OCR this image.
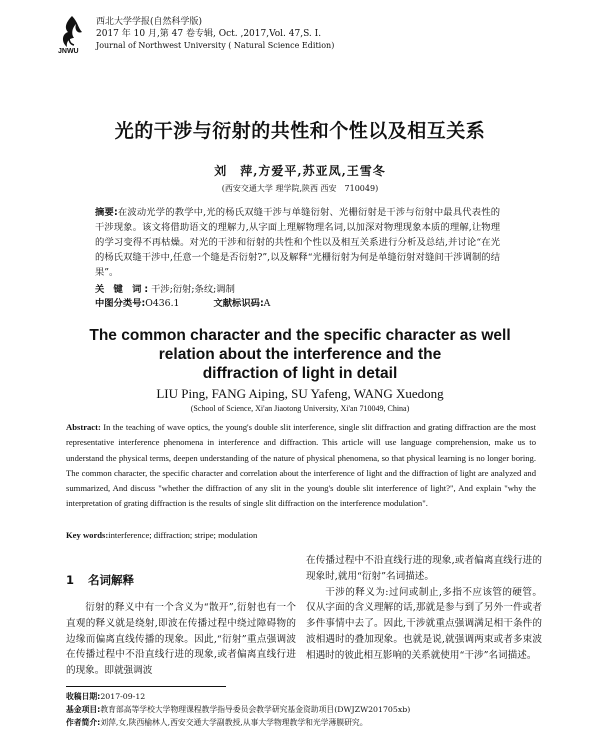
JNWU
西北大学学报(自然科学版)
2017 年 10 月,第 47 卷专辑, Oct. ,2017,Vol. 47,S. I.
Journal of Northwest University ( Natural Science Edition)
光的干涉与衍射的共性和个性以及相互关系
刘　萍,方爱平,苏亚凤,王雪冬
(西安交通大学 理学院,陕西 西安　710049)
摘要:在波动光学的教学中,光的杨氏双缝干涉与单缝衍射、光栅衍射是干涉与衍射中最具代表性的干涉现象。该文将借助语文的理解力,从字面上理解物理名词,以加深对物理现象本质的理解,让物理的学习变得不再枯燥。对光的干涉和衍射的共性和个性以及相互关系进行分析及总结,并讨论“在光的杨氏双缝干涉中,任意一个缝是否衍射?”,以及解释“光栅衍射为何是单缝衍射对缝间干涉调制的结果”。
关 键 词:干涉;衍射;条纹;调制
中图分类号:O436.1	文献标识码:A
The common character and the specific character as well
relation about the interference and the
diffraction of light in detail
LIU Ping, FANG Aiping, SU Yafeng, WANG Xuedong
(School of Science, Xi'an Jiaotong University, Xi'an 710049, China)
Abstract: In the teaching of wave optics, the young's double slit interference, single slit diffraction and grating diffraction are the most representative interference phenomena in interference and diffraction. This article will use language comprehension, make us to understand the physical terms, deepen understanding of the nature of physical phenomena, so that physical learning is no longer boring. The common character, the specific character and correlation about the interference of light and the diffraction of light are analyzed and summarized, And discuss "whether the diffraction of any slit in the young's double slit interference of light?", And explain "why the interpretation of grating diffraction is the results of single slit diffraction on the interference modulation".
Key words:interference; diffraction; stripe; modulation
1 名词解释

衍射的释义中有一个含义为“散开”,衍射也有一个直观的释义就是绕射,即波在传播过程中绕过障碍物的边缘而偏离直线传播的现象。因此,“衍射”重点强调波在传播过程中不沿直线行进的现象,或者偏离直线行进的现象。即就强调波

在传播过程中不沿直线行进的现象,或者偏离直线行进的现象时,就用“衍射”名词描述。

干涉的释义为:过问或制止,多指不应该管的硬管。仅从字面的含义理解的话,那就是参与到了另外一件或者多件事情中去了。因此,干涉就重点强调满足相干条件的波相遇时的叠加现象。也就是说,就强调两束或者多束波相遇时的彼此相互影响的关系就使用“干涉”名词描述。

收稿日期:2017-09-12
基金项目:教育部高等学校大学物理课程教学指导委员会教学研究基金资助项目(DWJZW201705xb)
作者简介:刘萍,女,陕西榆林人,西安交通大学副教授,从事大学物理教学和光学薄膜研究。
